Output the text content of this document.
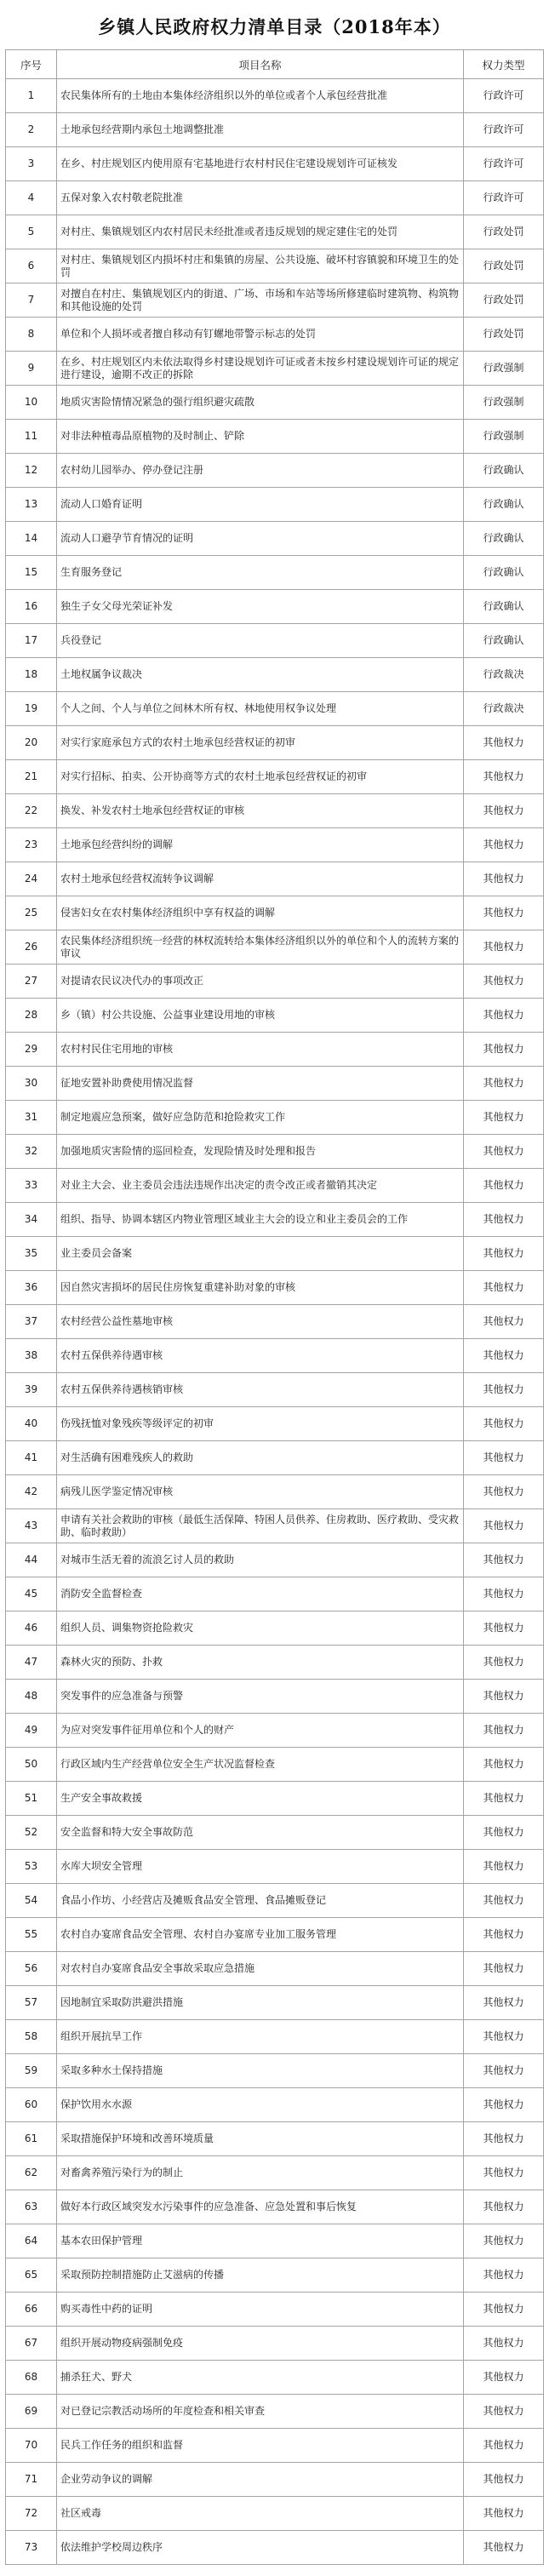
乡镇人民政府权力清单目录（2018年本）
序号	项目名称	权力类型
1	农民集体所有的土地由本集体经济组织以外的单位或者个人承包经营批准	行政许可
2	土地承包经营期内承包土地调整批准	行政许可
3	在乡、村庄规划区内使用原有宅基地进行农村村民住宅建设规划许可证核发	行政许可
4	五保对象入农村敬老院批准	行政许可
5	对村庄、集镇规划区内农村居民未经批准或者违反规划的规定建住宅的处罚	行政处罚
6	对村庄、集镇规划区内损坏村庄和集镇的房屋、公共设施、破坏村容镇貌和环境卫生的处罚	行政处罚
7	对擅自在村庄、集镇规划区内的街道、广场、市场和车站等场所修建临时建筑物、构筑物和其他设施的处罚	行政处罚
8	单位和个人损坏或者擅自移动有钉螺地带警示标志的处罚	行政处罚
9	在乡、村庄规划区内未依法取得乡村建设规划许可证或者未按乡村建设规划许可证的规定进行建设，逾期不改正的拆除	行政强制
10	地质灾害险情情况紧急的强行组织避灾疏散	行政强制
11	对非法种植毒品原植物的及时制止、铲除	行政强制
12	农村幼儿园举办、停办登记注册	行政确认
13	流动人口婚育证明	行政确认
14	流动人口避孕节育情况的证明	行政确认
15	生育服务登记	行政确认
16	独生子女父母光荣证补发	行政确认
17	兵役登记	行政确认
18	土地权属争议裁决	行政裁决
19	个人之间、个人与单位之间林木所有权、林地使用权争议处理	行政裁决
20	对实行家庭承包方式的农村土地承包经营权证的初审	其他权力
21	对实行招标、拍卖、公开协商等方式的农村土地承包经营权证的初审	其他权力
22	换发、补发农村土地承包经营权证的审核	其他权力
23	土地承包经营纠纷的调解	其他权力
24	农村土地承包经营权流转争议调解	其他权力
25	侵害妇女在农村集体经济组织中享有权益的调解	其他权力
26	农民集体经济组织统一经营的林权流转给本集体经济组织以外的单位和个人的流转方案的审议	其他权力
27	对提请农民议决代办的事项改正	其他权力
28	乡（镇）村公共设施、公益事业建设用地的审核	其他权力
29	农村村民住宅用地的审核	其他权力
30	征地安置补助费使用情况监督	其他权力
31	制定地震应急预案，做好应急防范和抢险救灾工作	其他权力
32	加强地质灾害险情的巡回检查，发现险情及时处理和报告	其他权力
33	对业主大会、业主委员会违法违规作出决定的责令改正或者撤销其决定	其他权力
34	组织、指导、协调本辖区内物业管理区域业主大会的设立和业主委员会的工作	其他权力
35	业主委员会备案	其他权力
36	因自然灾害损坏的居民住房恢复重建补助对象的审核	其他权力
37	农村经营公益性墓地审核	其他权力
38	农村五保供养待遇审核	其他权力
39	农村五保供养待遇核销审核	其他权力
40	伤残抚恤对象残疾等级评定的初审	其他权力
41	对生活确有困难残疾人的救助	其他权力
42	病残儿医学鉴定情况审核	其他权力
43	申请有关社会救助的审核（最低生活保障、特困人员供养、住房救助、医疗救助、受灾救助、临时救助）	其他权力
44	对城市生活无着的流浪乞讨人员的救助	其他权力
45	消防安全监督检查	其他权力
46	组织人员、调集物资抢险救灾	其他权力
47	森林火灾的预防、扑救	其他权力
48	突发事件的应急准备与预警	其他权力
49	为应对突发事件征用单位和个人的财产	其他权力
50	行政区域内生产经营单位安全生产状况监督检查	其他权力
51	生产安全事故救援	其他权力
52	安全监督和特大安全事故防范	其他权力
53	水库大坝安全管理	其他权力
54	食品小作坊、小经营店及摊贩食品安全管理、食品摊贩登记	其他权力
55	农村自办宴席食品安全管理、农村自办宴席专业加工服务管理	其他权力
56	对农村自办宴席食品安全事故采取应急措施	其他权力
57	因地制宜采取防洪避洪措施	其他权力
58	组织开展抗旱工作	其他权力
59	采取多种水土保持措施	其他权力
60	保护饮用水水源	其他权力
61	采取措施保护环境和改善环境质量	其他权力
62	对畜禽养殖污染行为的制止	其他权力
63	做好本行政区域突发水污染事件的应急准备、应急处置和事后恢复	其他权力
64	基本农田保护管理	其他权力
65	采取预防控制措施防止艾滋病的传播	其他权力
66	购买毒性中药的证明	其他权力
67	组织开展动物疫病强制免疫	其他权力
68	捕杀狂犬、野犬	其他权力
69	对已登记宗教活动场所的年度检查和相关审查	其他权力
70	民兵工作任务的组织和监督	其他权力
71	企业劳动争议的调解	其他权力
72	社区戒毒	其他权力
73	依法维护学校周边秩序	其他权力
